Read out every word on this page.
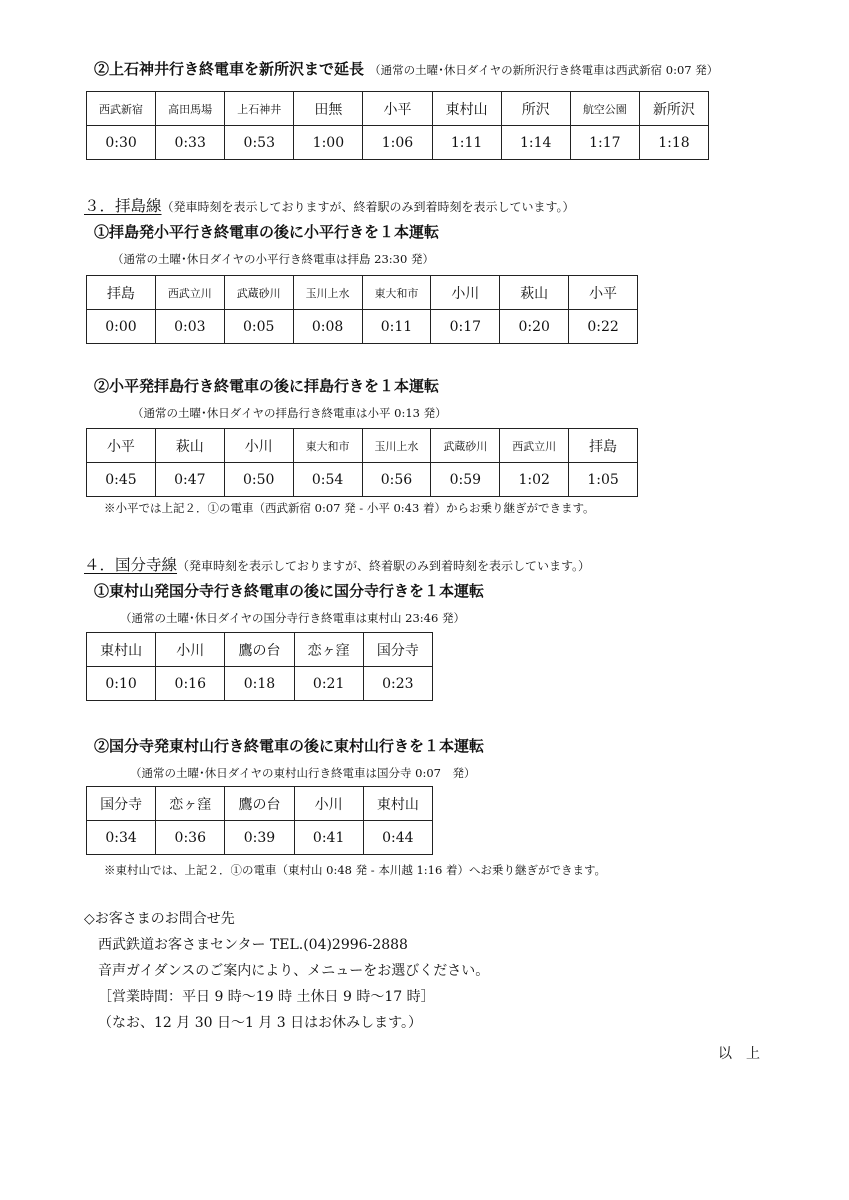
②上石神井行き終電車を新所沢まで延長 （通常の土曜･休日ダイヤの新所沢行き終電車は西武新宿 0:07 発）
西武新宿	高田馬場	上石神井	田無	小平	東村山	所沢	航空公園	新所沢
0:30	0:33	0:53	1:00	1:06	1:11	1:14	1:17	1:18
３．拝島線（発車時刻を表示しておりますが、終着駅のみ到着時刻を表示しています。）
①拝島発小平行き終電車の後に小平行きを１本運転
（通常の土曜･休日ダイヤの小平行き終電車は拝島 23:30 発）
拝島	西武立川	武蔵砂川	玉川上水	東大和市	小川	萩山	小平
0:00	0:03	0:05	0:08	0:11	0:17	0:20	0:22
②小平発拝島行き終電車の後に拝島行きを１本運転
（通常の土曜･休日ダイヤの拝島行き終電車は小平 0:13 発）
小平	萩山	小川	東大和市	玉川上水	武蔵砂川	西武立川	拝島
0:45	0:47	0:50	0:54	0:56	0:59	1:02	1:05
※小平では上記２．①の電車（西武新宿 0:07 発 - 小平 0:43 着）からお乗り継ぎができます。
４．国分寺線（発車時刻を表示しておりますが、終着駅のみ到着時刻を表示しています。）
①東村山発国分寺行き終電車の後に国分寺行きを１本運転
（通常の土曜･休日ダイヤの国分寺行き終電車は東村山 23:46 発）
東村山	小川	鷹の台	恋ヶ窪	国分寺
0:10	0:16	0:18	0:21	0:23
②国分寺発東村山行き終電車の後に東村山行きを１本運転
（通常の土曜･休日ダイヤの東村山行き終電車は国分寺 0:07　発）
国分寺	恋ヶ窪	鷹の台	小川	東村山
0:34	0:36	0:39	0:41	0:44
※東村山では、上記２．①の電車（東村山 0:48 発 - 本川越 1:16 着）へお乗り継ぎができます。
◇お客さまのお問合せ先
西武鉄道お客さまセンター TEL.(04)2996-2888
音声ガイダンスのご案内により、メニューをお選びください。
［営業時間：平日 9 時～19 時 土休日 9 時～17 時］
（なお、12 月 30 日～1 月 3 日はお休みします。）
以　上
